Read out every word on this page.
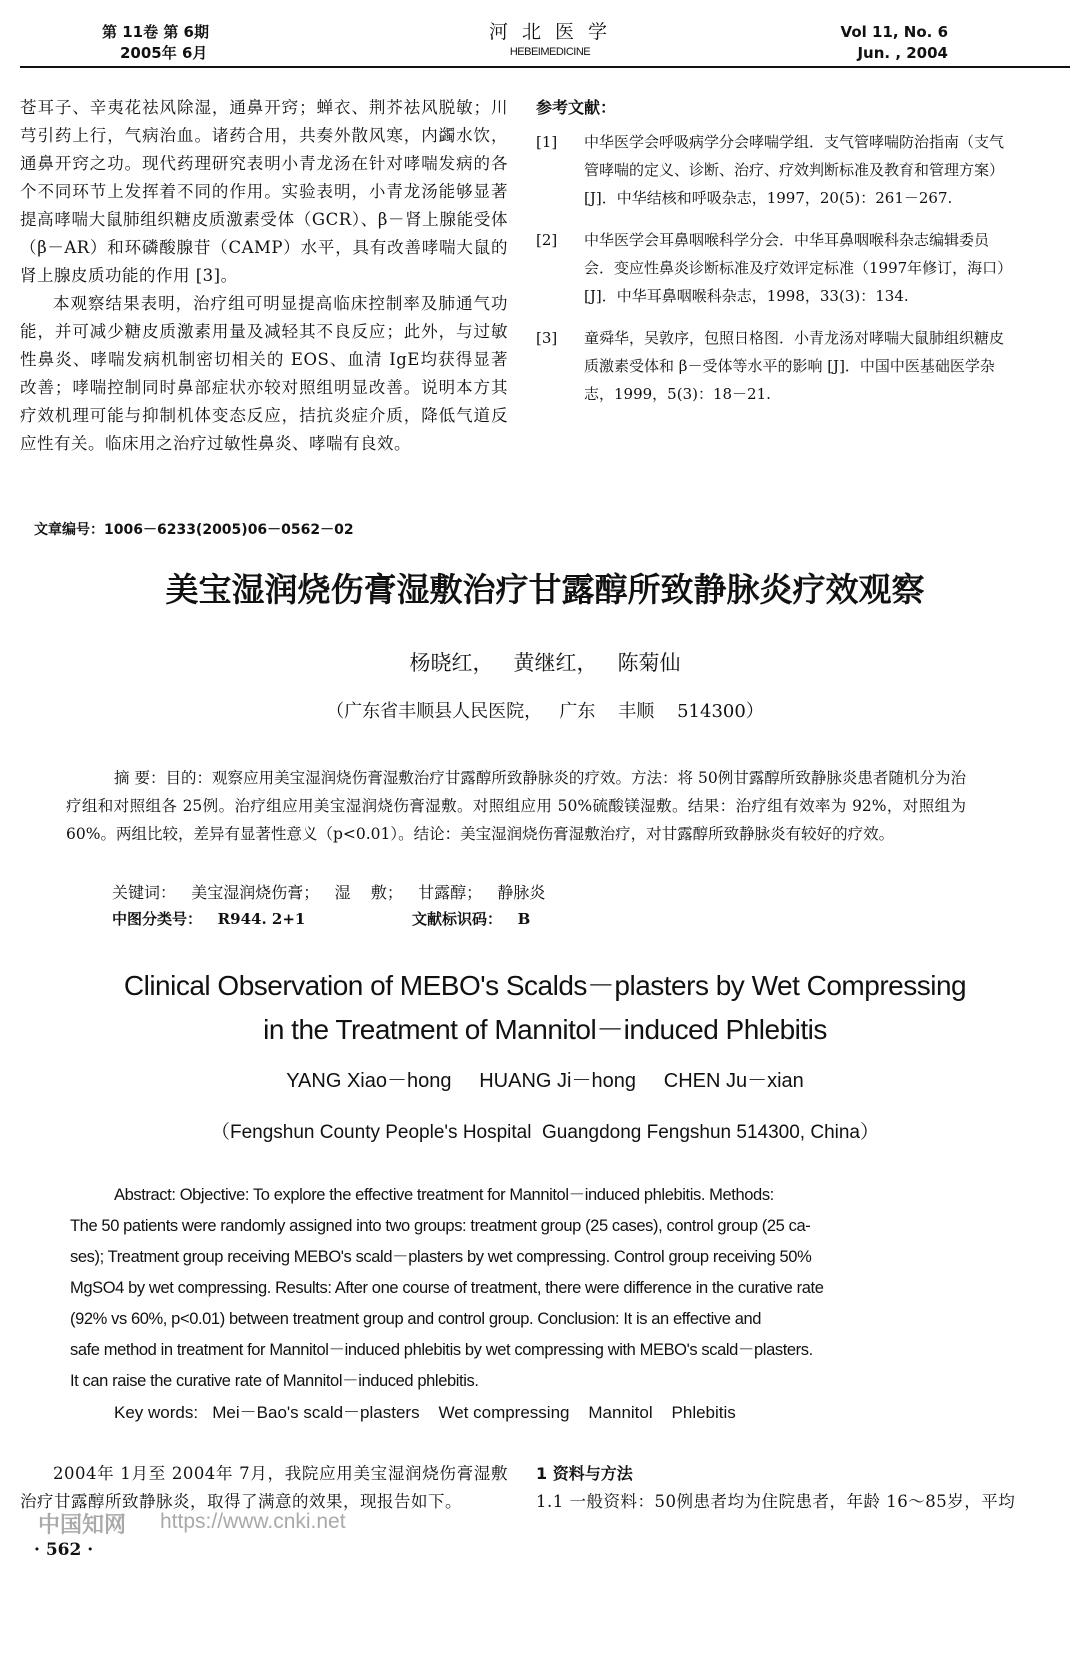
第 11卷 第 6期
2005年 6月
河 北 医 学
HEBEIMEDICINE
Vol 11, No. 6
Jun. , 2004
苍耳子、辛夷花祛风除湿，通鼻开窍；蝉衣、荆芥祛风脱敏；川芎引药上行，气病治血。诸药合用，共奏外散风寒，内蠲水饮，通鼻开窍之功。现代药理研究表明小青龙汤在针对哮喘发病的各个不同环节上发挥着不同的作用。实验表明，小青龙汤能够显著提高哮喘大鼠肺组织糖皮质激素受体（GCR）、β－肾上腺能受体（β－AR）和环磷酸腺苷（CAMP）水平，具有改善哮喘大鼠的肾上腺皮质功能的作用 [3]。
本观察结果表明，治疗组可明显提高临床控制率及肺通气功能，并可减少糖皮质激素用量及减轻其不良反应；此外，与过敏性鼻炎、哮喘发病机制密切相关的 EOS、血清 IgE均获得显著改善；哮喘控制同时鼻部症状亦较对照组明显改善。说明本方其疗效机理可能与抑制机体变态反应，拮抗炎症介质，降低气道反应性有关。临床用之治疗过敏性鼻炎、哮喘有良效。
参考文献：
[1] 中华医学会呼吸病学分会哮喘学组．支气管哮喘防治指南（支气管哮喘的定义、诊断、治疗、疗效判断标准及教育和管理方案）[J]．中华结核和呼吸杂志，1997，20(5)：261－267.
[2] 中华医学会耳鼻咽喉科学分会．中华耳鼻咽喉科杂志编辑委员会．变应性鼻炎诊断标准及疗效评定标准（1997年修订，海口）[J]．中华耳鼻咽喉科杂志，1998，33(3)：134.
[3] 童舜华，吴敦序，包照日格图．小青龙汤对哮喘大鼠肺组织糖皮质激素受体和 β－受体等水平的影响 [J]．中国中医基础医学杂志，1999，5(3)：18－21.
文章编号：1006－6233(2005)06－0562－02
美宝湿润烧伤膏湿敷治疗甘露醇所致静脉炎疗效观察
杨晓红，   黄继红，   陈菊仙
（广东省丰顺县人民医院，   广东    丰顺    514300）
摘 要：目的：观察应用美宝湿润烧伤膏湿敷治疗甘露醇所致静脉炎的疗效。方法：将 50例甘露醇所致静脉炎患者随机分为治疗组和对照组各 25例。治疗组应用美宝湿润烧伤膏湿敷。对照组应用 50%硫酸镁湿敷。结果：治疗组有效率为 92%，对照组为 60%。两组比较，差异有显著性意义（p<0.01）。结论：美宝湿润烧伤膏湿敷治疗，对甘露醇所致静脉炎有较好的疗效。
关键词：   美宝湿润烧伤膏；   湿    敷；   甘露醇；   静脉炎
中图分类号：   R944. 2+1	文献标识码：   B
Clinical Observation of MEBO's Scalds－plasters by Wet Compressing
in the Treatment of Mannitol－induced Phlebitis
YANG Xiao－hong     HUANG Ji－hong     CHEN Ju－xian
（Fengshun County People's Hospital  Guangdong Fengshun 514300, China）
Abstract: Objective: To explore the effective treatment for Mannitol－induced phlebitis. Methods:
The 50 patients were randomly assigned into two groups: treatment group (25 cases), control group (25 ca-
ses); Treatment group receiving MEBO's scald－plasters by wet compressing. Control group receiving 50%
MgSO4 by wet compressing. Results: After one course of treatment, there were difference in the curative rate
(92% vs 60%, p<0.01) between treatment group and control group. Conclusion: It is an effective and
safe method in treatment for Mannitol－induced phlebitis by wet compressing with MEBO's scald－plasters.
It can raise the curative rate of Mannitol－induced phlebitis.
Key words:   Mei－Bao's scald－plasters    Wet compressing    Mannitol    Phlebitis
2004年 1月至 2004年 7月，我院应用美宝湿润烧伤膏湿敷治疗甘露醇所致静脉炎，取得了满意的效果，现报告如下。
1 资料与方法
1.1 一般资料：50例患者均为住院患者，年龄 16～85岁，平均
中国知网 https://www.cnki.net
· 562 ·
